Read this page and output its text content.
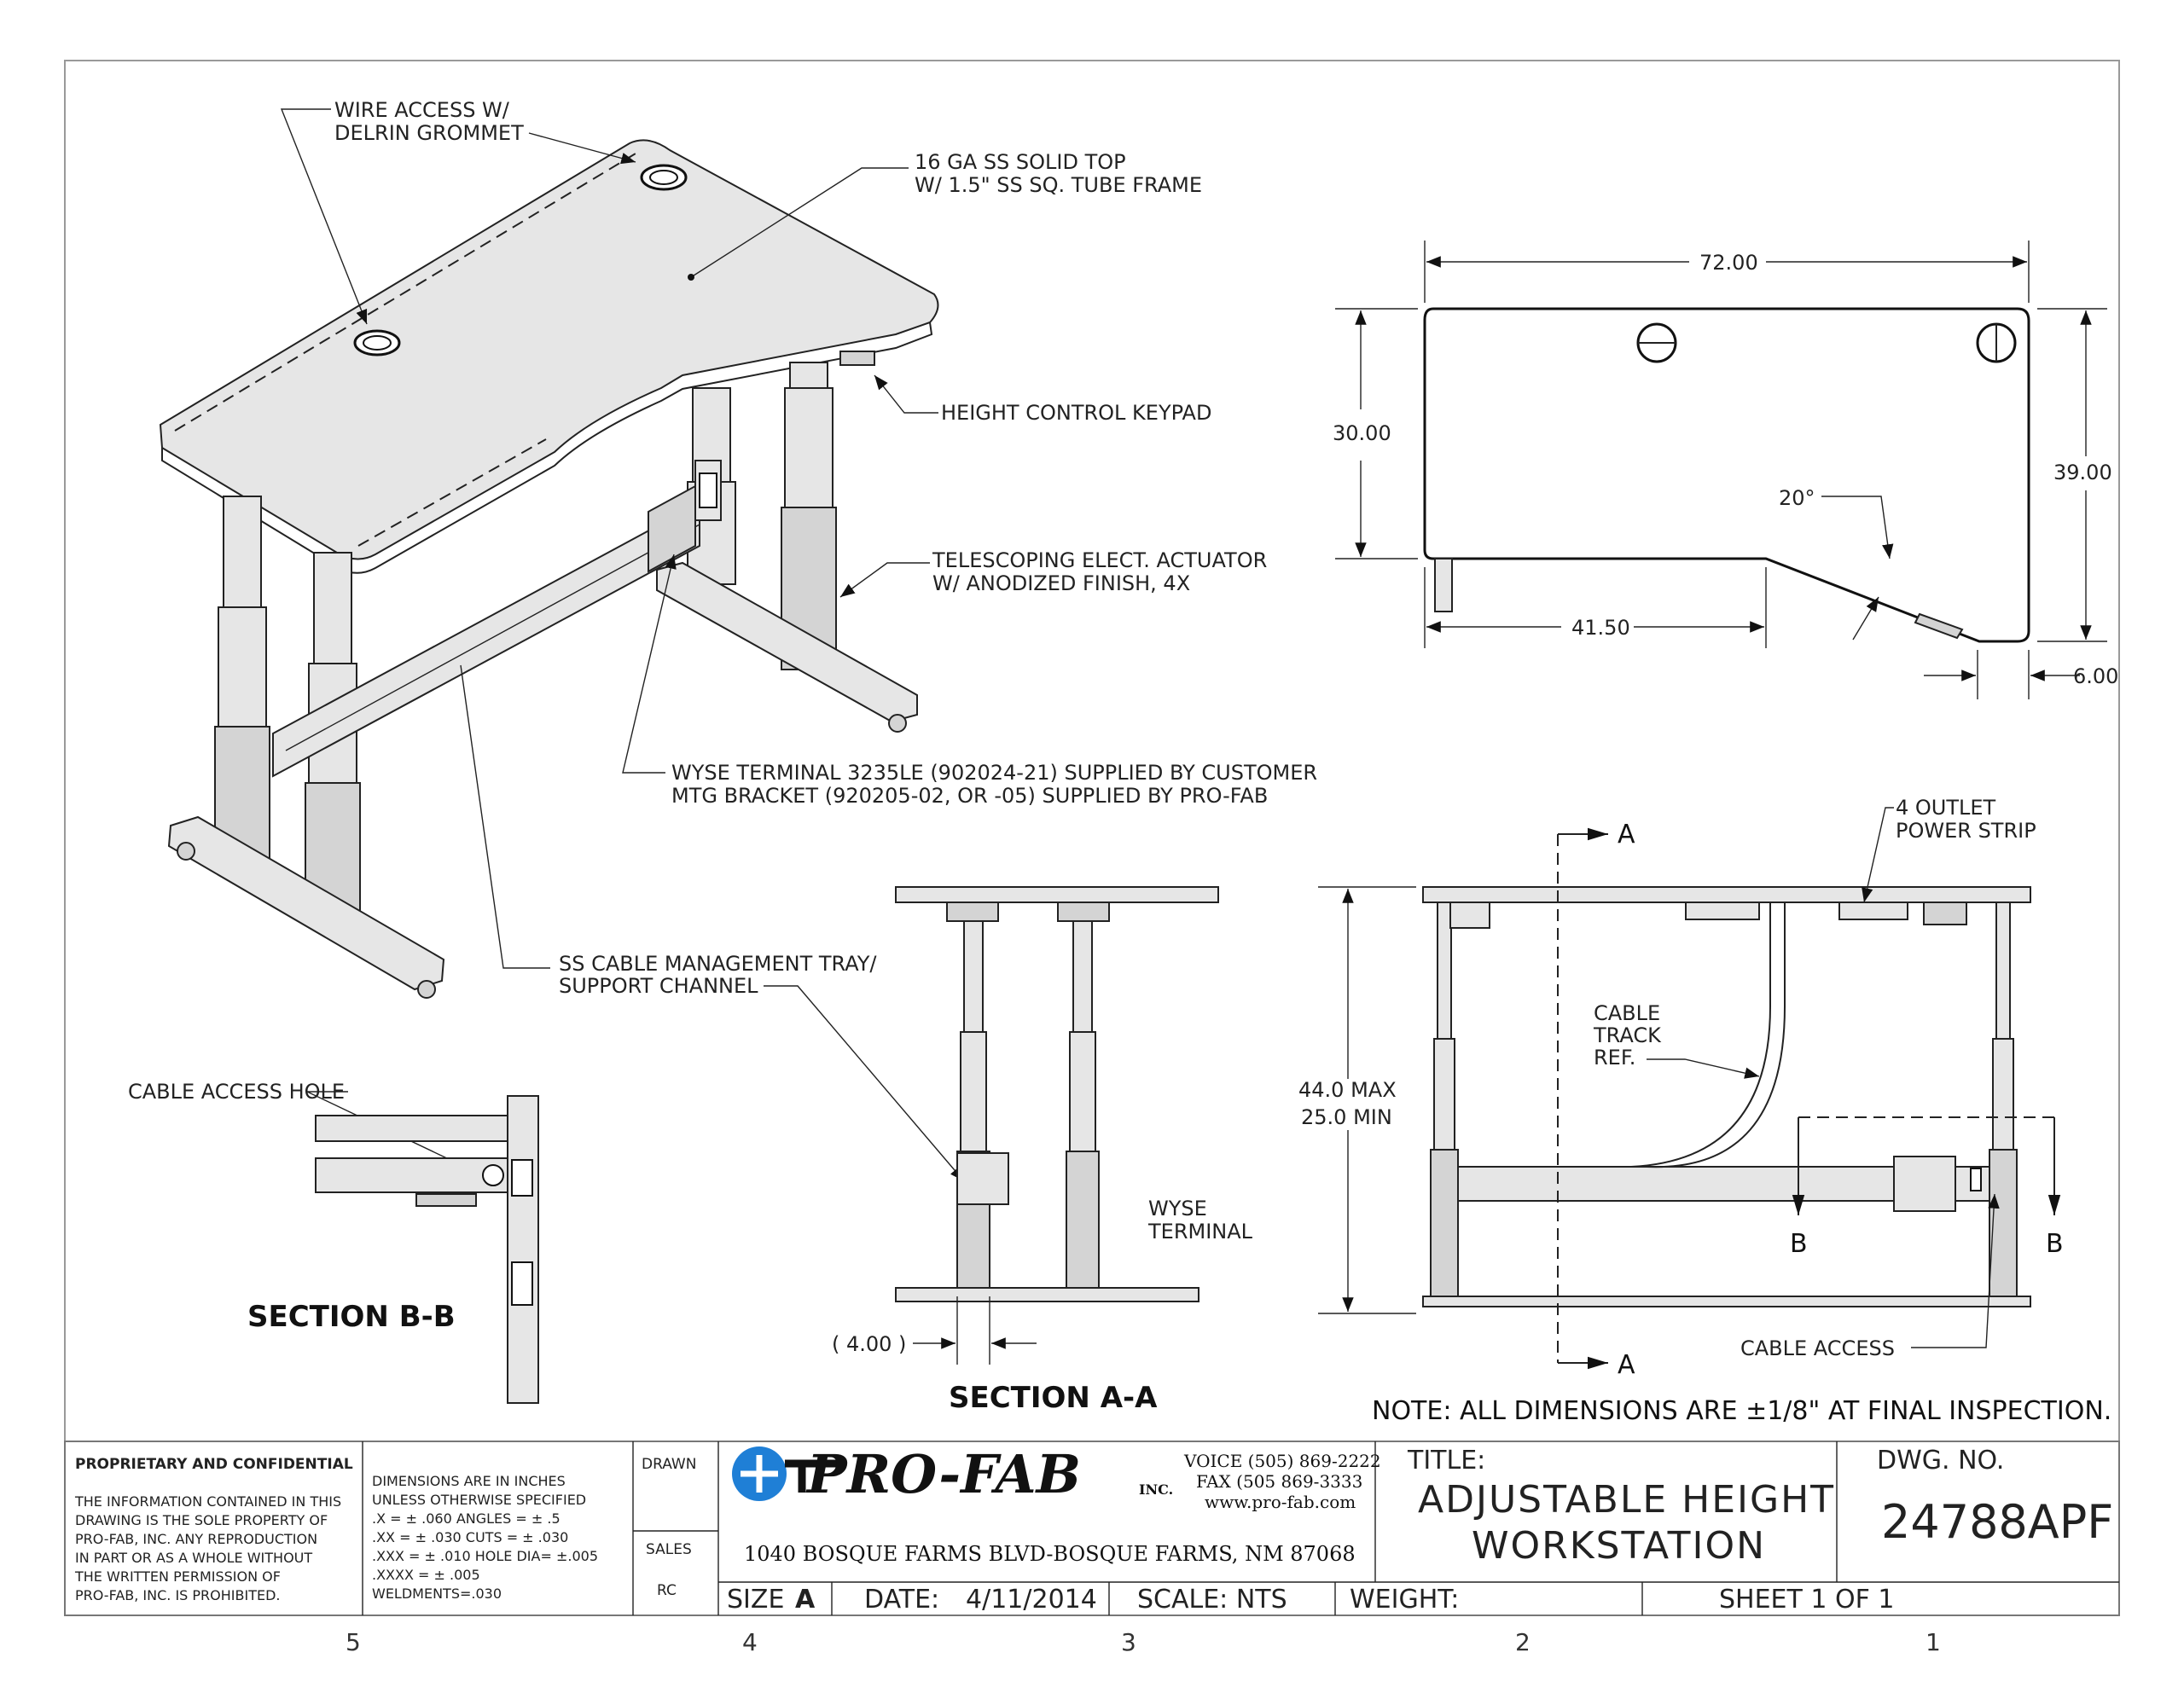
WIRE ACCESS W/
DELRIN GROMMET
16 GA SS SOLID TOP
W/ 1.5" SS SQ. TUBE FRAME
HEIGHT CONTROL KEYPAD
TELESCOPING ELECT. ACTUATOR
W/ ANODIZED FINISH, 4X
WYSE TERMINAL 3235LE (902024-21) SUPPLIED BY CUSTOMER
MTG BRACKET (920205-02, OR -05) SUPPLIED BY PRO-FAB
SS CABLE MANAGEMENT TRAY/
SUPPORT CHANNEL
CABLE ACCESS HOLE
WYSE
TERMINAL
72.00
30.00
39.00
20°
41.50
6.00
4 OUTLET
POWER STRIP
CABLE
TRACK
REF.
CABLE ACCESS
44.0 MAX
25.0 MIN
A
A
B	B
( 4.00 )
SECTION B-B
SECTION A-A	NOTE: ALL DIMENSIONS ARE ±1/8" AT FINAL INSPECTION.
PROPRIETARY AND CONFIDENTIAL
THE INFORMATION CONTAINED IN THIS
DRAWING IS THE SOLE PROPERTY OF
PRO-FAB, INC. ANY REPRODUCTION
IN PART OR AS A WHOLE WITHOUT
THE WRITTEN PERMISSION OF
PRO-FAB, INC. IS PROHIBITED.
DIMENSIONS ARE IN INCHES
UNLESS OTHERWISE SPECIFIED
.X = ± .060 ANGLES = ± .5
.XX = ± .030 CUTS = ± .030
.XXX = ± .010 HOLE DIA= ±.005
.XXXX = ± .005
WELDMENTS=.030
DRAWN
SALES
RC
PRO-FAB	INC.
VOICE (505) 869-2222
FAX (505 869-3333
www.pro-fab.com
1040 BOSQUE FARMS BLVD-BOSQUE FARMS, NM 87068
TITLE:
ADJUSTABLE HEIGHT
WORKSTATION
DWG. NO.
24788APF
SIZE A DATE: 4/11/2014 SCALE: NTS WEIGHT:	SHEET 1 OF 1
5	4	3	2	1
